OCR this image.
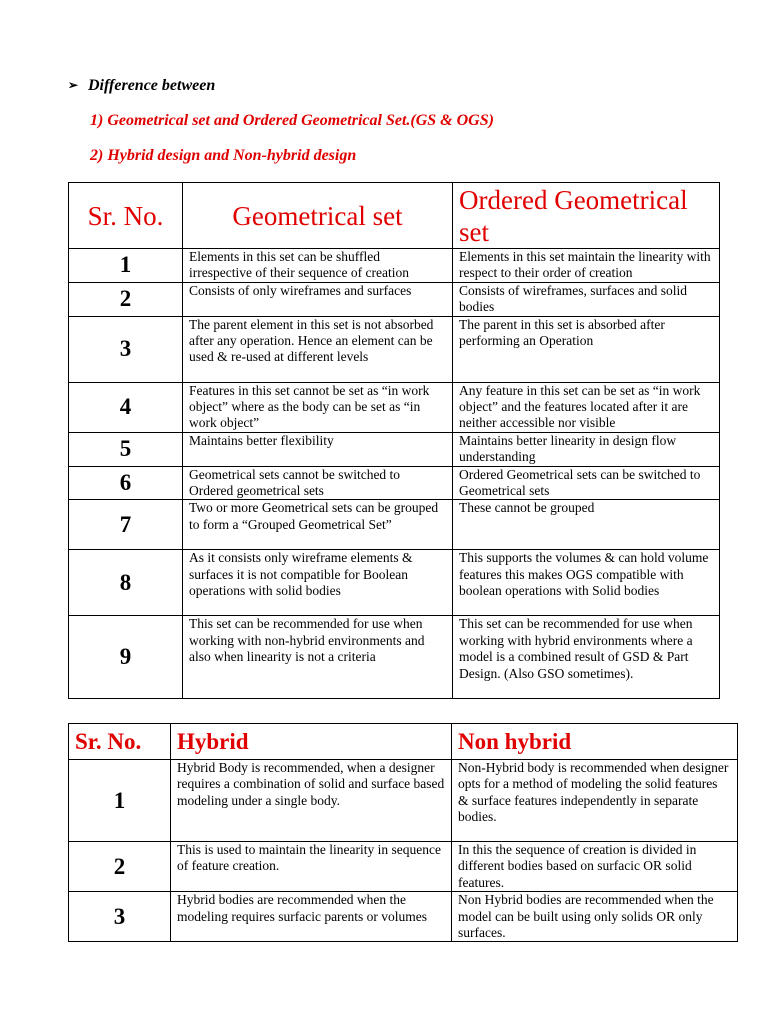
➢ Difference between

1) Geometrical set and Ordered Geometrical Set.(GS & OGS)

2) Hybrid design and Non-hybrid design

Sr. No.	Geometrical set	Ordered Geometrical set
1	Elements in this set can be shuffled irrespective of their sequence of creation	Elements in this set maintain the linearity with respect to their order of creation
2	Consists of only wireframes and surfaces	Consists of wireframes, surfaces and solid bodies
3	The parent element in this set is not absorbed after any operation. Hence an element can be used & re-used at different levels	The parent in this set is absorbed after performing an Operation
4	Features in this set cannot be set as “in work object” where as the body can be set as “in work object”	Any feature in this set can be set as “in work object” and the features located after it are neither accessible nor visible
5	Maintains better flexibility	Maintains better linearity in design flow understanding
6	Geometrical sets cannot be switched to Ordered geometrical sets	Ordered Geometrical sets can be switched to Geometrical sets
7	Two or more Geometrical sets can be grouped to form a “Grouped Geometrical Set”	These cannot be grouped
8	As it consists only wireframe elements & surfaces it is not compatible for Boolean operations with solid bodies	This supports the volumes & can hold volume features this makes OGS compatible with boolean operations with Solid bodies
9	This set can be recommended for use when working with non-hybrid environments and also when linearity is not a criteria	This set can be recommended for use when working with hybrid environments where a model is a combined result of GSD & Part Design. (Also GSO sometimes).
Sr. No.	Hybrid	Non hybrid
1	Hybrid Body is recommended, when a designer requires a combination of solid and surface based modeling under a single body.	Non-Hybrid body is recommended when designer opts for a method of modeling the solid features & surface features independently in separate bodies.
2	This is used to maintain the linearity in sequence of feature creation.	In this the sequence of creation is divided in different bodies based on surfacic OR solid features.
3	Hybrid bodies are recommended when the modeling requires surfacic parents or volumes	Non Hybrid bodies are recommended when the model can be built using only solids OR only surfaces.
